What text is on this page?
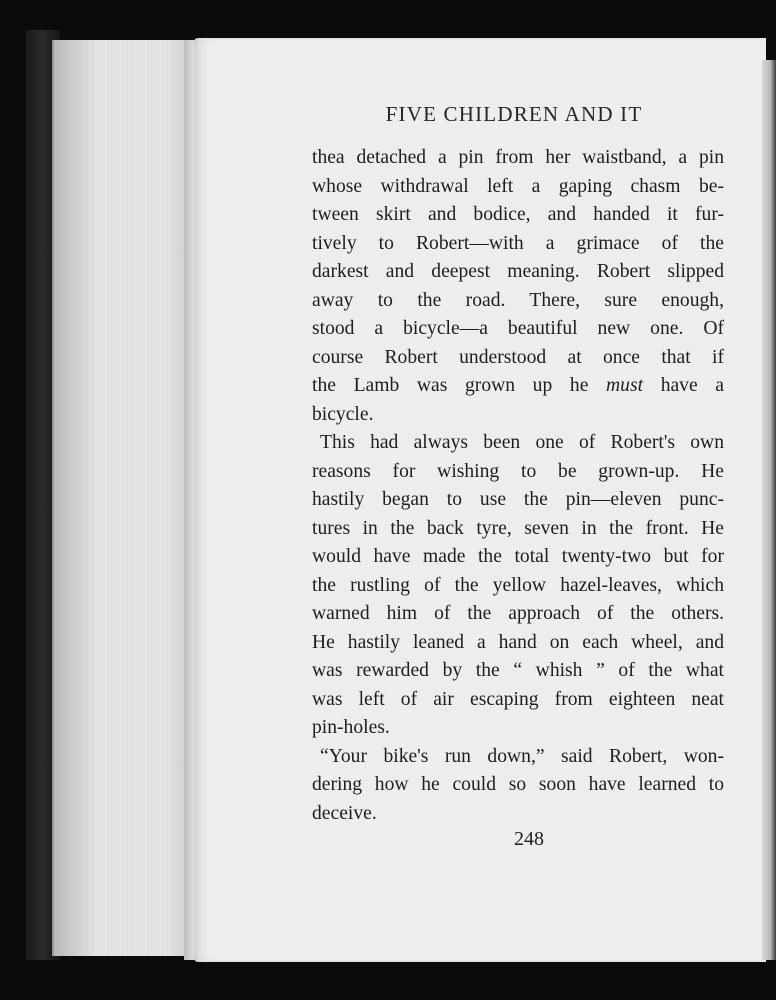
FIVE CHILDREN AND IT
thea detached a pin from her waistband, a pin
whose withdrawal left a gaping chasm be-
tween skirt and bodice, and handed it fur-
tively to Robert—with a grimace of the
darkest and deepest meaning. Robert slipped
away to the road. There, sure enough,
stood a bicycle—a beautiful new one. Of
course Robert understood at once that if
the Lamb was grown up he must have a
bicycle.
This had always been one of Robert's own
reasons for wishing to be grown-up. He
hastily began to use the pin—eleven punc-
tures in the back tyre, seven in the front. He
would have made the total twenty-two but for
the rustling of the yellow hazel-leaves, which
warned him of the approach of the others.
He hastily leaned a hand on each wheel, and
was rewarded by the “ whish ” of the what
was left of air escaping from eighteen neat
pin-holes.
“Your bike's run down,” said Robert, won-
dering how he could so soon have learned to
deceive.
248
